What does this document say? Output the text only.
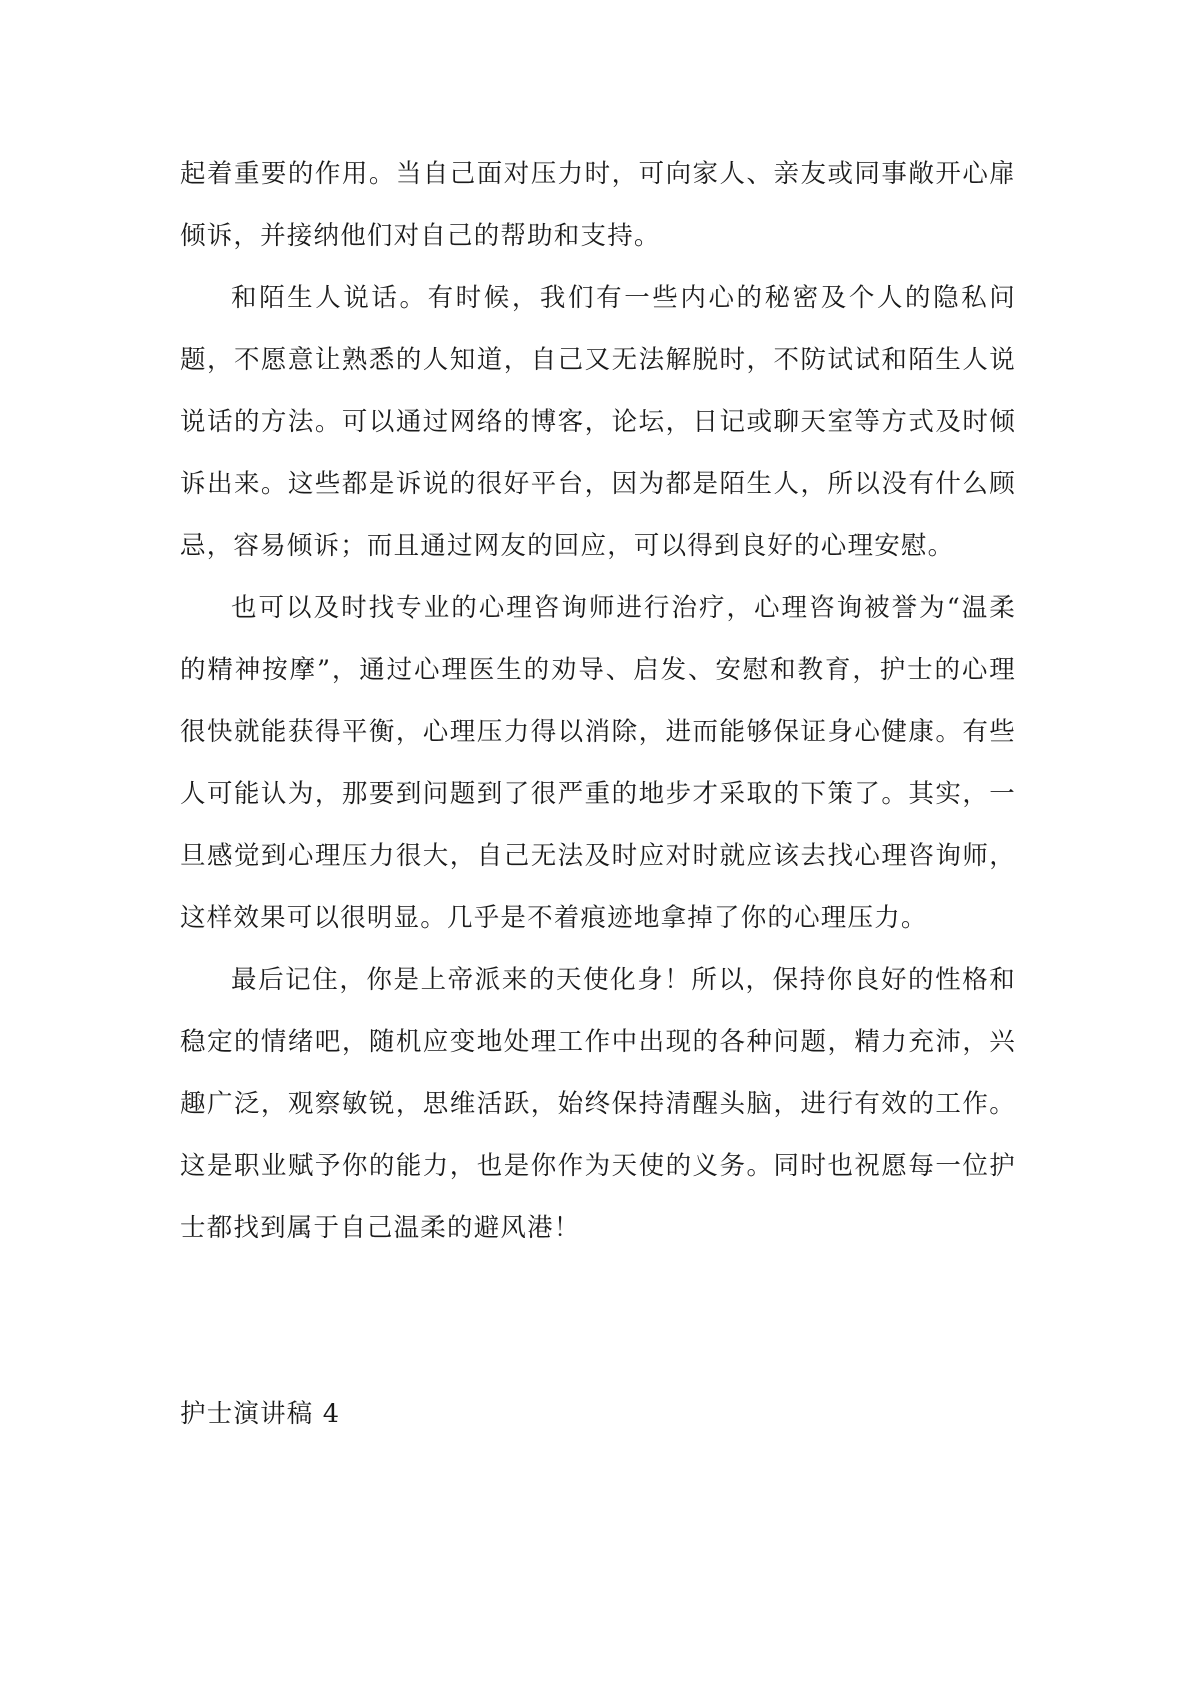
起着重要的作用。当自己面对压力时，可向家人、亲友或同事敞开心扉倾诉，并接纳他们对自己的帮助和支持。

和陌生人说话。有时候，我们有一些内心的秘密及个人的隐私问题，不愿意让熟悉的人知道，自己又无法解脱时，不防试试和陌生人说说话的方法。可以通过网络的博客，论坛，日记或聊天室等方式及时倾诉出来。这些都是诉说的很好平台，因为都是陌生人，所以没有什么顾忌，容易倾诉；而且通过网友的回应，可以得到良好的心理安慰。

也可以及时找专业的心理咨询师进行治疗，心理咨询被誉为“温柔的精神按摩”，通过心理医生的劝导、启发、安慰和教育，护士的心理很快就能获得平衡，心理压力得以消除，进而能够保证身心健康。有些人可能认为，那要到问题到了很严重的地步才采取的下策了。其实，一旦感觉到心理压力很大，自己无法及时应对时就应该去找心理咨询师，这样效果可以很明显。几乎是不着痕迹地拿掉了你的心理压力。

最后记住，你是上帝派来的天使化身！所以，保持你良好的性格和稳定的情绪吧，随机应变地处理工作中出现的各种问题，精力充沛，兴趣广泛，观察敏锐，思维活跃，始终保持清醒头脑，进行有效的工作。这是职业赋予你的能力，也是你作为天使的义务。同时也祝愿每一位护士都找到属于自己温柔的避风港！

护士演讲稿 4
